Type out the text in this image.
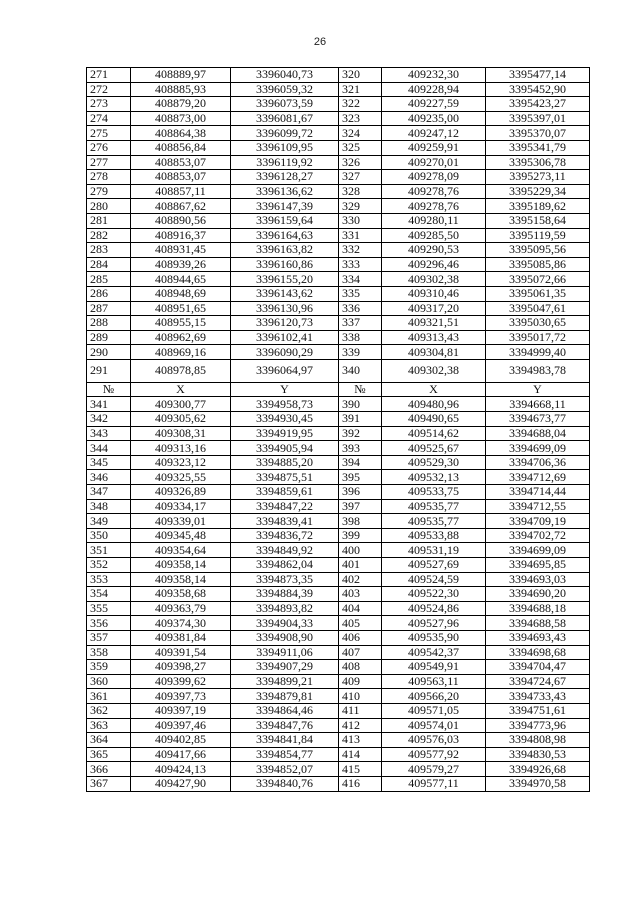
26
271	408889,97	3396040,73	320	409232,30	3395477,14
272	408885,93	3396059,32	321	409228,94	3395452,90
273	408879,20	3396073,59	322	409227,59	3395423,27
274	408873,00	3396081,67	323	409235,00	3395397,01
275	408864,38	3396099,72	324	409247,12	3395370,07
276	408856,84	3396109,95	325	409259,91	3395341,79
277	408853,07	3396119,92	326	409270,01	3395306,78
278	408853,07	3396128,27	327	409278,09	3395273,11
279	408857,11	3396136,62	328	409278,76	3395229,34
280	408867,62	3396147,39	329	409278,76	3395189,62
281	408890,56	3396159,64	330	409280,11	3395158,64
282	408916,37	3396164,63	331	409285,50	3395119,59
283	408931,45	3396163,82	332	409290,53	3395095,56
284	408939,26	3396160,86	333	409296,46	3395085,86
285	408944,65	3396155,20	334	409302,38	3395072,66
286	408948,69	3396143,62	335	409310,46	3395061,35
287	408951,65	3396130,96	336	409317,20	3395047,61
288	408955,15	3396120,73	337	409321,51	3395030,65
289	408962,69	3396102,41	338	409313,43	3395017,72
290	408969,16	3396090,29	339	409304,81	3394999,40
291	408978,85	3396064,97	340	409302,38	3394983,78
№	X	Y	№	X	Y
341	409300,77	3394958,73	390	409480,96	3394668,11
342	409305,62	3394930,45	391	409490,65	3394673,77
343	409308,31	3394919,95	392	409514,62	3394688,04
344	409313,16	3394905,94	393	409525,67	3394699,09
345	409323,12	3394885,20	394	409529,30	3394706,36
346	409325,55	3394875,51	395	409532,13	3394712,69
347	409326,89	3394859,61	396	409533,75	3394714,44
348	409334,17	3394847,22	397	409535,77	3394712,55
349	409339,01	3394839,41	398	409535,77	3394709,19
350	409345,48	3394836,72	399	409533,88	3394702,72
351	409354,64	3394849,92	400	409531,19	3394699,09
352	409358,14	3394862,04	401	409527,69	3394695,85
353	409358,14	3394873,35	402	409524,59	3394693,03
354	409358,68	3394884,39	403	409522,30	3394690,20
355	409363,79	3394893,82	404	409524,86	3394688,18
356	409374,30	3394904,33	405	409527,96	3394688,58
357	409381,84	3394908,90	406	409535,90	3394693,43
358	409391,54	3394911,06	407	409542,37	3394698,68
359	409398,27	3394907,29	408	409549,91	3394704,47
360	409399,62	3394899,21	409	409563,11	3394724,67
361	409397,73	3394879,81	410	409566,20	3394733,43
362	409397,19	3394864,46	411	409571,05	3394751,61
363	409397,46	3394847,76	412	409574,01	3394773,96
364	409402,85	3394841,84	413	409576,03	3394808,98
365	409417,66	3394854,77	414	409577,92	3394830,53
366	409424,13	3394852,07	415	409579,27	3394926,68
367	409427,90	3394840,76	416	409577,11	3394970,58
